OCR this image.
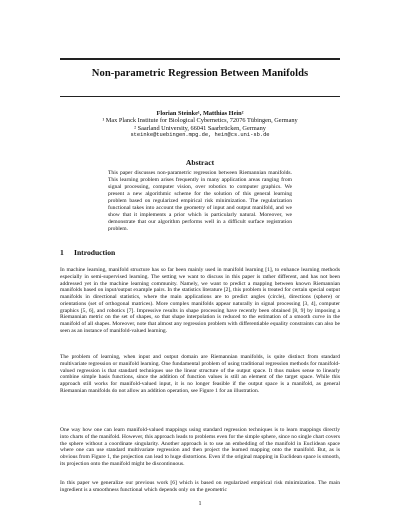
Non-parametric Regression Between Manifolds
Florian Steinke¹, Matthias Hein²
¹ Max Planck Institute for Biological Cybernetics, 72076 Tübingen, Germany
² Saarland University, 66041 Saarbrücken, Germany
steinke@tuebingen.mpg.de, hein@cs.uni-sb.de
Abstract
This paper discusses non-parametric regression between Riemannian manifolds. This learning problem arises frequently in many application areas ranging from signal processing, computer vision, over robotics to computer graphics. We present a new algorithmic scheme for the solution of this general learning problem based on regularized empirical risk minimization. The regularization functional takes into account the geometry of input and output manifold, and we show that it implements a prior which is particularly natural. Moreover, we demonstrate that our algorithm performs well in a difficult surface registration problem.
1 Introduction

In machine learning, manifold structure has so far been mainly used in manifold learning [1], to enhance learning methods especially in semi-supervised learning. The setting we want to discuss in this paper is rather different, and has not been addressed yet in the machine learning community. Namely, we want to predict a mapping between known Riemannian manifolds based on input/output example pairs. In the statistics literature [2], this problem is treated for certain special output manifolds in directional statistics, where the main applications are to predict angles (circle), directions (sphere) or orientations (set of orthogonal matrices). More complex manifolds appear naturally in signal processing [3, 4], computer graphics [5, 6], and robotics [7]. Impressive results in shape processing have recently been obtained [8, 9] by imposing a Riemannian metric on the set of shapes, so that shape interpolation is reduced to the estimation of a smooth curve in the manifold of all shapes. Moreover, note that almost any regression problem with differentiable equality constraints can also be seen as an instance of manifold-valued learning.

The problem of learning, when input and output domain are Riemannian manifolds, is quite distinct from standard multivariate regression or manifold learning. One fundamental problem of using traditional regression methods for manifold-valued regression is that standard techniques use the linear structure of the output space. It thus makes sense to linearly combine simple basis functions, since the addition of function values is still an element of the target space. While this approach still works for manifold-valued input, it is no longer feasible if the output space is a manifold, as general Riemannian manifolds do not allow an addition operation, see Figure 1 for an illustration.

One way how one can learn manifold-valued mappings using standard regression techniques is to learn mappings directly into charts of the manifold. However, this approach leads to problems even for the simple sphere, since no single chart covers the sphere without a coordinate singularity. Another approach is to use an embedding of the manifold in Euclidean space where one can use standard multivariate regression and then project the learned mapping onto the manifold. But, as is obvious from Figure 1, the projection can lead to huge distortions. Even if the original mapping in Euclidean space is smooth, its projection onto the manifold might be discontinuous.

In this paper we generalize our previous work [6] which is based on regularized empirical risk minimization. The main ingredient is a smoothness functional which depends only on the geometric

1
